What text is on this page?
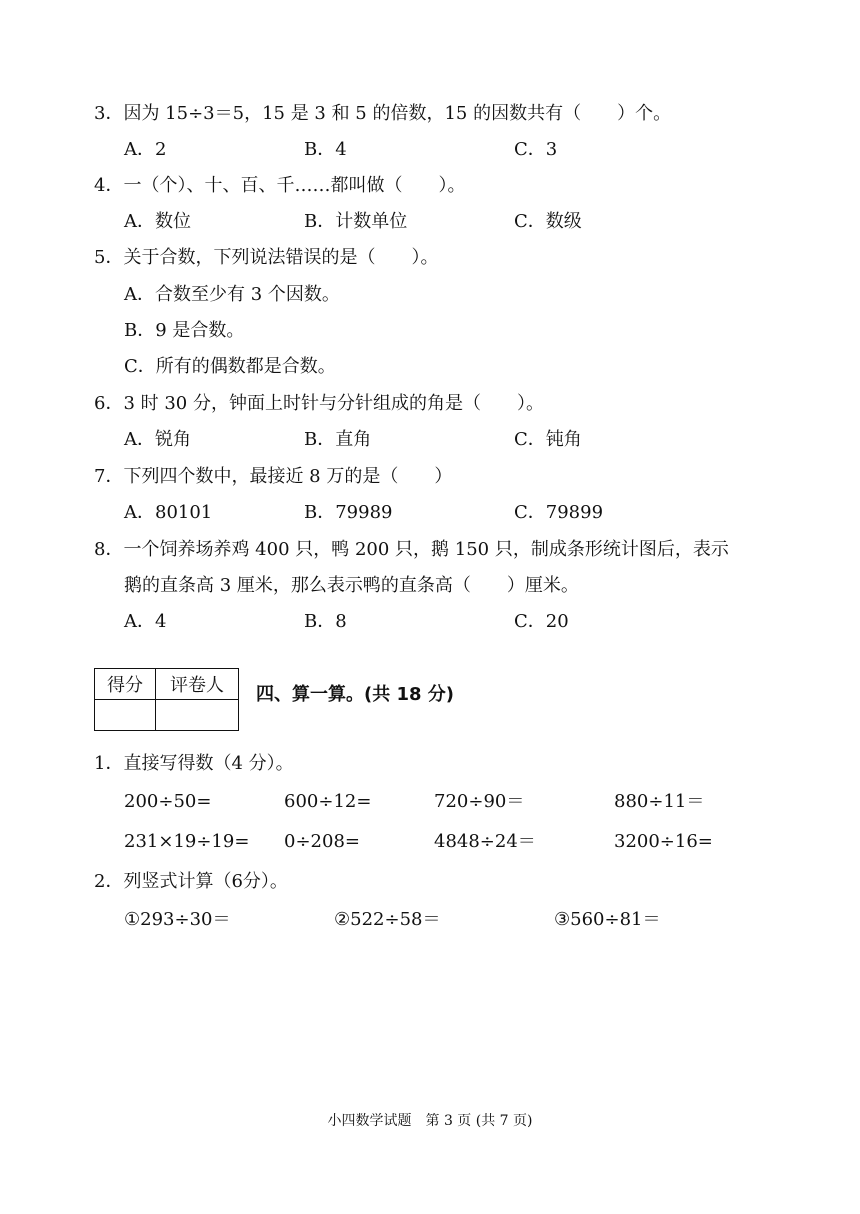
3．因为 15÷3＝5，15 是 3 和 5 的倍数，15 的因数共有（　　）个。
A．2	B．4	C．3
4．一（个）、十、百、千……都叫做（　　）。
A．数位	B．计数单位	C．数级
5．关于合数，下列说法错误的是（　　）。
A．合数至少有 3 个因数。
B．9 是合数。
C．所有的偶数都是合数。
6．3 时 30 分，钟面上时针与分针组成的角是（　　）。
A．锐角	B．直角	C．钝角
7．下列四个数中，最接近 8 万的是（　　）
A．80101	B．79989	C．79899
8．一个饲养场养鸡 400 只，鸭 200 只，鹅 150 只，制成条形统计图后，表示
鹅的直条高 3 厘米，那么表示鸭的直条高（　　）厘米。
A．4	B．8	C．20
得分	评卷人
	四、算一算。(共 18 分)
1．直接写得数（4 分）。
200÷50=	600÷12=	720÷90＝	880÷11＝
231×19÷19= 0÷208=	4848÷24＝	3200÷16=
2．列竖式计算（6分）。
①293÷30＝	②522÷58＝	③560÷81＝
小四数学试题　第 3 页 (共 7 页)
